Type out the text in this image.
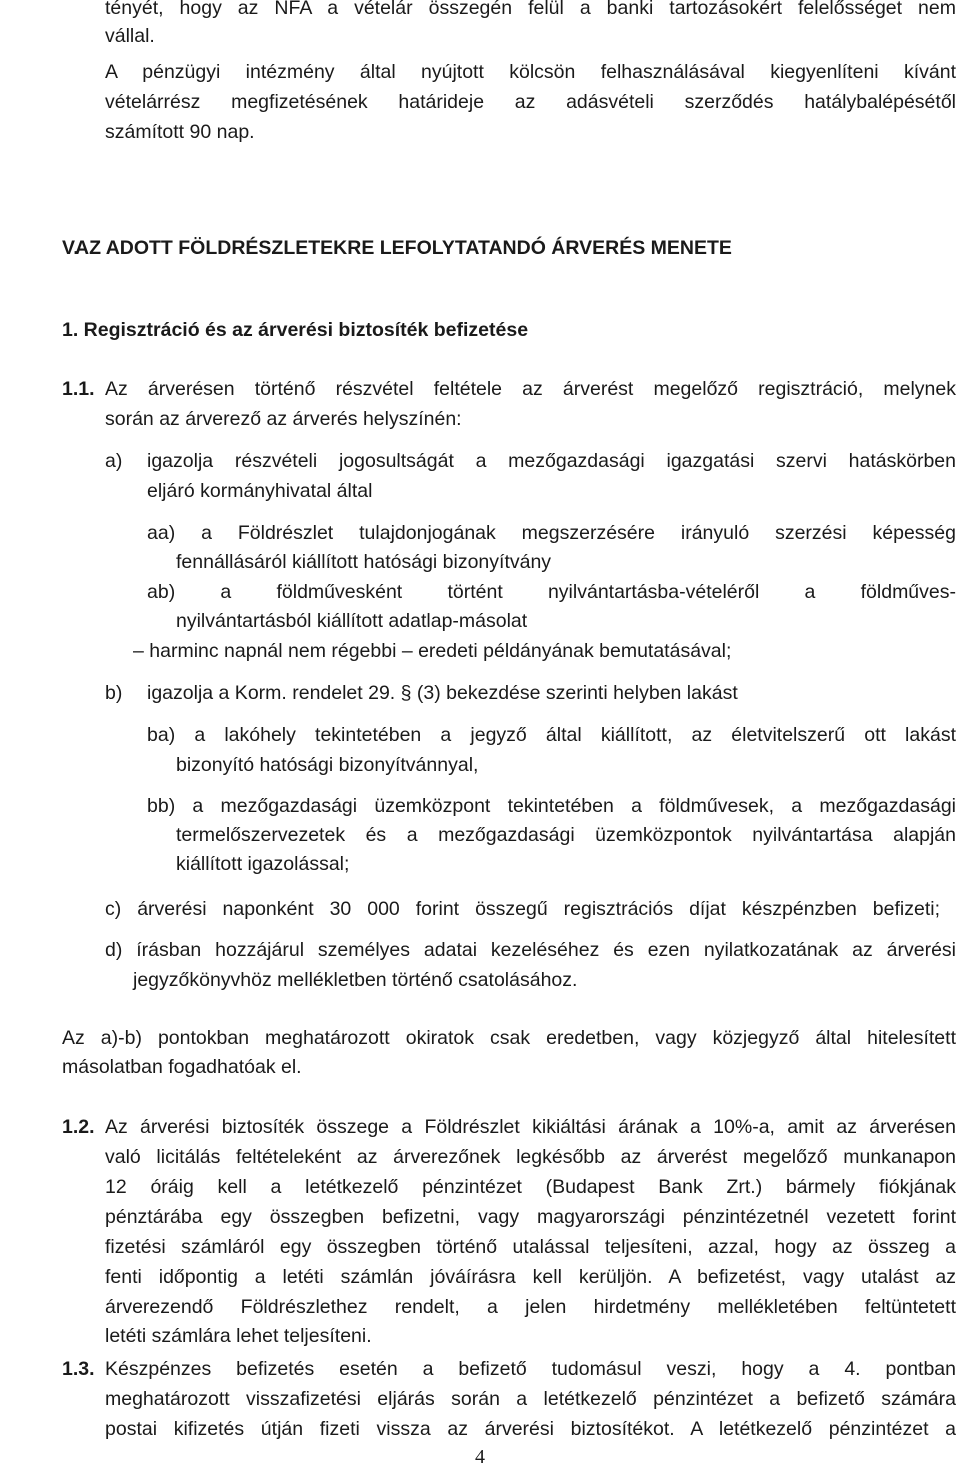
tényét, hogy az NFA a vételár összegén felül a banki tartozásokért felelősséget nem
vállal.
A pénzügyi intézmény által nyújtott kölcsön felhasználásával kiegyenlíteni kívánt
vételárrész megfizetésének határideje az adásvételi szerződés hatálybalépésétől
számított 90 nap.
V.
AZ ADOTT FÖLDRÉSZLETEKRE LEFOLYTATANDÓ ÁRVERÉS MENETE
1. Regisztráció és az árverési biztosíték befizetése
1.1. Az árverésen történő részvétel feltétele az árverést megelőző regisztráció, melynek
során az árverező az árverés helyszínén:
a) igazolja részvételi jogosultságát a mezőgazdasági igazgatási szervi hatáskörben
eljáró kormányhivatal által
aa) a Földrészlet tulajdonjogának megszerzésére irányuló szerzési képesség
fennállásáról kiállított hatósági bizonyítvány
ab) a földművesként történt nyilvántartásba-vételéről a földműves-
nyilvántartásból kiállított adatlap-másolat
– harminc napnál nem régebbi – eredeti példányának bemutatásával;
b) igazolja a Korm. rendelet 29. § (3) bekezdése szerinti helyben lakást
ba) a lakóhely tekintetében a jegyző által kiállított, az életvitelszerű ott lakást
bizonyító hatósági bizonyítvánnyal,
bb) a mezőgazdasági üzemközpont tekintetében a földművesek, a mezőgazdasági
termelőszervezetek és a mezőgazdasági üzemközpontok nyilvántartása alapján
kiállított igazolással;
c) árverési naponként 30 000 forint összegű regisztrációs díjat készpénzben befizeti;
d) írásban hozzájárul személyes adatai kezeléséhez és ezen nyilatkozatának az árverési
jegyzőkönyvhöz mellékletben történő csatolásához.
Az a)-b) pontokban meghatározott okiratok csak eredetben, vagy közjegyző által hitelesített
másolatban fogadhatóak el.
1.2. Az árverési biztosíték összege a Földrészlet kikiáltási árának a 10%-a, amit az árverésen
való licitálás feltételeként az árverezőnek legkésőbb az árverést megelőző munkanapon
12 óráig kell a letétkezelő pénzintézet (Budapest Bank Zrt.) bármely fiókjának
pénztárába egy összegben befizetni, vagy magyarországi pénzintézetnél vezetett forint
fizetési számláról egy összegben történő utalással teljesíteni, azzal, hogy az összeg a
fenti időpontig a letéti számlán jóváírásra kell kerüljön. A befizetést, vagy utalást az
árverezendő Földrészlethez rendelt, a jelen hirdetmény mellékletében feltüntetett
letéti számlára lehet teljesíteni.
1.3. Készpénzes befizetés esetén a befizető tudomásul veszi, hogy a 4. pontban
meghatározott visszafizetési eljárás során a letétkezelő pénzintézet a befizető számára
postai kifizetés útján fizeti vissza az árverési biztosítékot. A letétkezelő pénzintézet a
4
